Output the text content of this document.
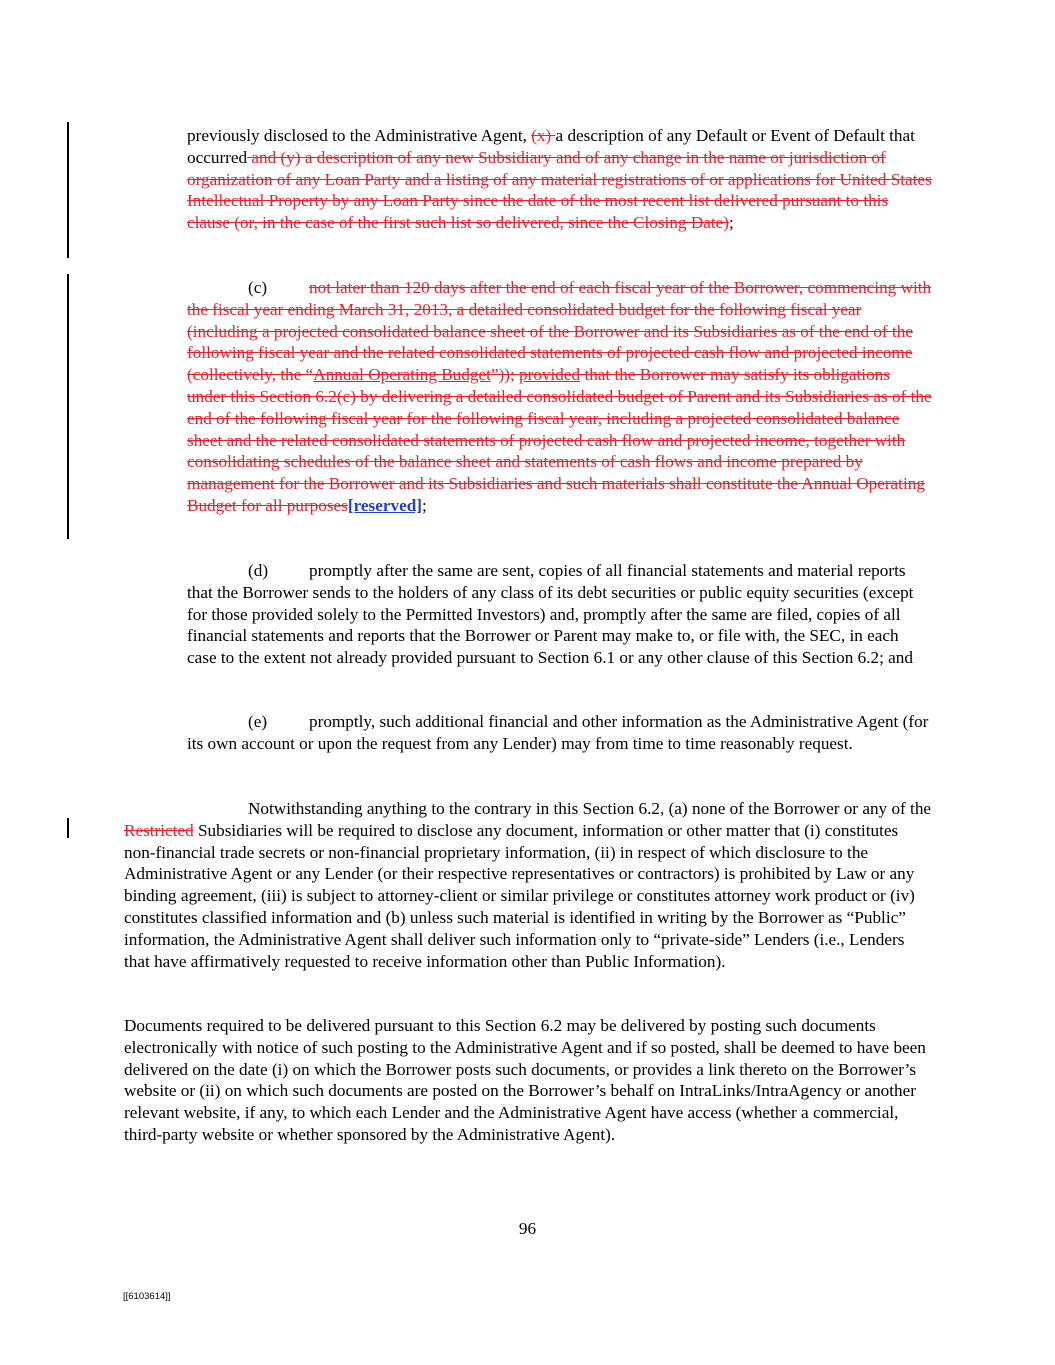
previously disclosed to the Administrative Agent, (x) a description of any Default or Event of Default that occurred and (y) a description of any new Subsidiary and of any change in the name or jurisdiction of organization of any Loan Party and a listing of any material registrations of or applications for United States Intellectual Property by any Loan Party since the date of the most recent list delivered pursuant to this clause (or, in the case of the first such list so delivered, since the Closing Date);

(c) not later than 120 days after the end of each fiscal year of the Borrower, commencing with the fiscal year ending March 31, 2013, a detailed consolidated budget for the following fiscal year (including a projected consolidated balance sheet of the Borrower and its Subsidiaries as of the end of the following fiscal year and the related consolidated statements of projected cash flow and projected income (collectively, the “Annual Operating Budget”)); provided that the Borrower may satisfy its obligations under this Section 6.2(c) by delivering a detailed consolidated budget of Parent and its Subsidiaries as of the end of the following fiscal year for the following fiscal year, including a projected consolidated balance sheet and the related consolidated statements of projected cash flow and projected income, together with consolidating schedules of the balance sheet and statements of cash flows and income prepared by management for the Borrower and its Subsidiaries and such materials shall constitute the Annual Operating Budget for all purposes[reserved];

(d) promptly after the same are sent, copies of all financial statements and material reports that the Borrower sends to the holders of any class of its debt securities or public equity securities (except for those provided solely to the Permitted Investors) and, promptly after the same are filed, copies of all financial statements and reports that the Borrower or Parent may make to, or file with, the SEC, in each case to the extent not already provided pursuant to Section 6.1 or any other clause of this Section 6.2; and

(e) promptly, such additional financial and other information as the Administrative Agent (for its own account or upon the request from any Lender) may from time to time reasonably request.

Notwithstanding anything to the contrary in this Section 6.2, (a) none of the Borrower or any of the Restricted Subsidiaries will be required to disclose any document, information or other matter that (i) constitutes non-financial trade secrets or non-financial proprietary information, (ii) in respect of which disclosure to the Administrative Agent or any Lender (or their respective representatives or contractors) is prohibited by Law or any binding agreement, (iii) is subject to attorney-client or similar privilege or constitutes attorney work product or (iv) constitutes classified information and (b) unless such material is identified in writing by the Borrower as “Public” information, the Administrative Agent shall deliver such information only to “private-side” Lenders (i.e., Lenders that have affirmatively requested to receive information other than Public Information).

Documents required to be delivered pursuant to this Section 6.2 may be delivered by posting such documents electronically with notice of such posting to the Administrative Agent and if so posted, shall be deemed to have been delivered on the date (i) on which the Borrower posts such documents, or provides a link thereto on the Borrower’s website or (ii) on which such documents are posted on the Borrower’s behalf on IntraLinks/IntraAgency or another relevant website, if any, to which each Lender and the Administrative Agent have access (whether a commercial, third-party website or whether sponsored by the Administrative Agent).

96
[[6103614]]
